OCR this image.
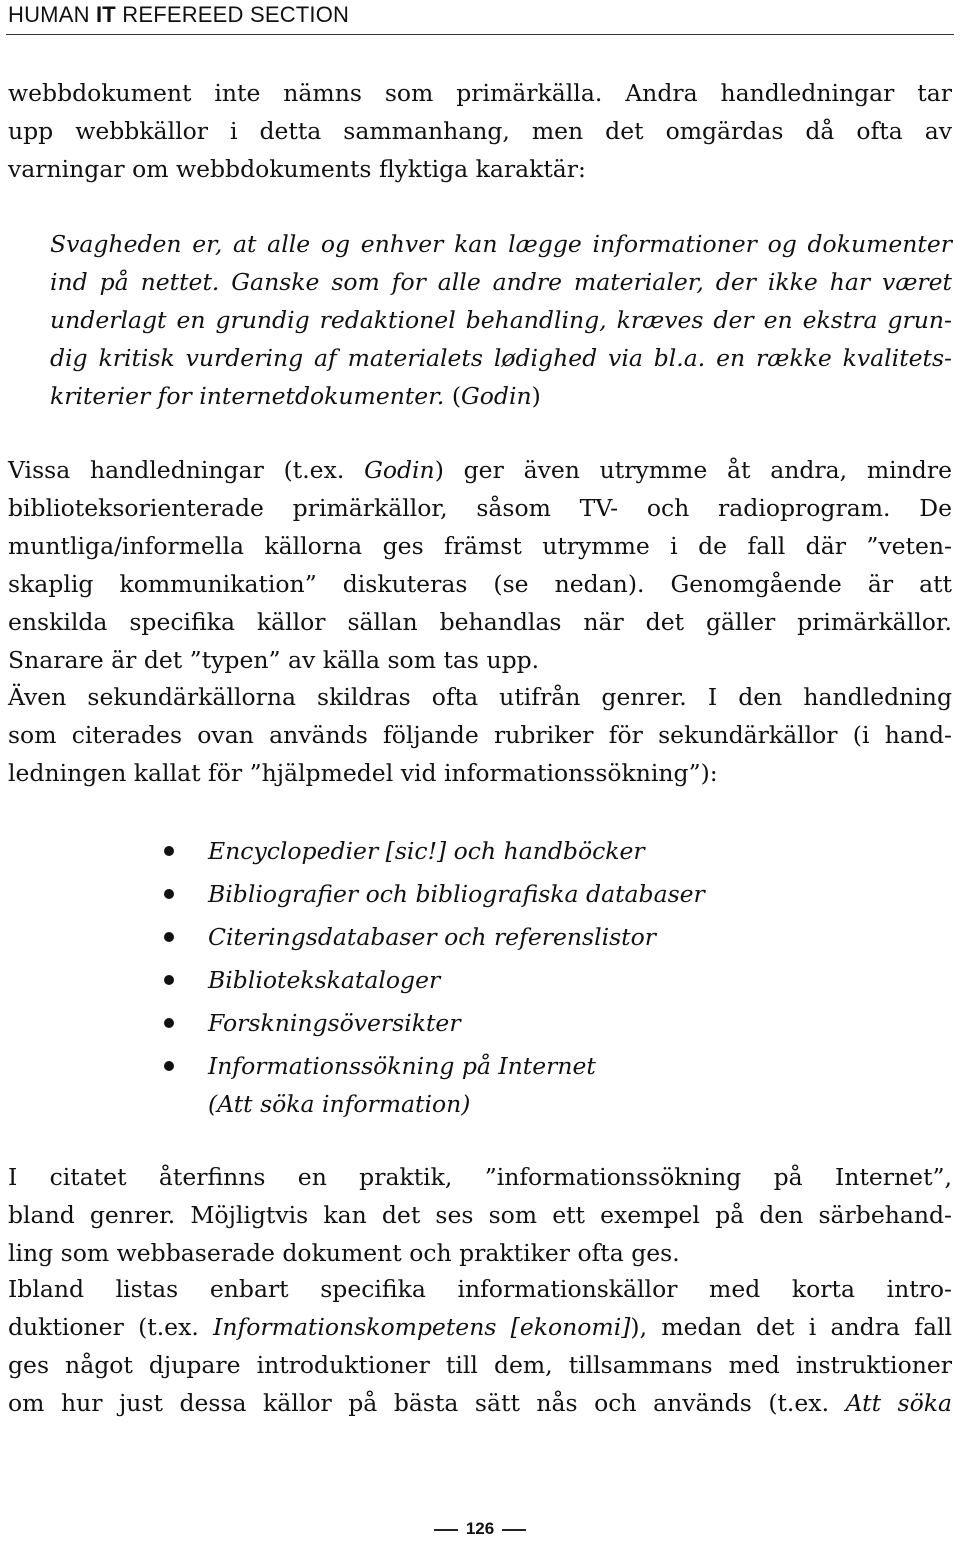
HUMAN IT REFEREED SECTION
webbdokument inte nämns som primärkälla. Andra handledningar tar
upp webbkällor i detta sammanhang, men det omgärdas då ofta av
varningar om webbdokuments flyktiga karaktär:
Svagheden er, at alle og enhver kan lægge informationer og dokumenter
ind på nettet. Ganske som for alle andre materialer, der ikke har været
underlagt en grundig redaktionel behandling, kræves der en ekstra grun-
dig kritisk vurdering af materialets lødighed via bl.a. en række kvalitets-
kriterier for internetdokumenter. (Godin)
Vissa handledningar (t.ex. Godin) ger även utrymme åt andra, mindre
biblioteksorienterade primärkällor, såsom TV- och radioprogram. De
muntliga/informella källorna ges främst utrymme i de fall där ”veten-
skaplig kommunikation” diskuteras (se nedan). Genomgående är att
enskilda specifika källor sällan behandlas när det gäller primärkällor.
Snarare är det ”typen” av källa som tas upp.
Även sekundärkällorna skildras ofta utifrån genrer. I den handledning
som citerades ovan används följande rubriker för sekundärkällor (i hand-
ledningen kallat för ”hjälpmedel vid informationssökning”):
Encyclopedier [sic!] och handböcker
Bibliografier och bibliografiska databaser
Citeringsdatabaser och referenslistor
Bibliotekskataloger
Forskningsöversikter
Informationssökning på Internet
(Att söka information)
I citatet återfinns en praktik, ”informationssökning på Internet”,
bland genrer. Möjligtvis kan det ses som ett exempel på den särbehand-
ling som webbaserade dokument och praktiker ofta ges.
Ibland listas enbart specifika informationskällor med korta intro-
duktioner (t.ex. Informationskompetens [ekonomi]), medan det i andra fall
ges något djupare introduktioner till dem, tillsammans med instruktioner
om hur just dessa källor på bästa sätt nås och används (t.ex. Att söka
126
